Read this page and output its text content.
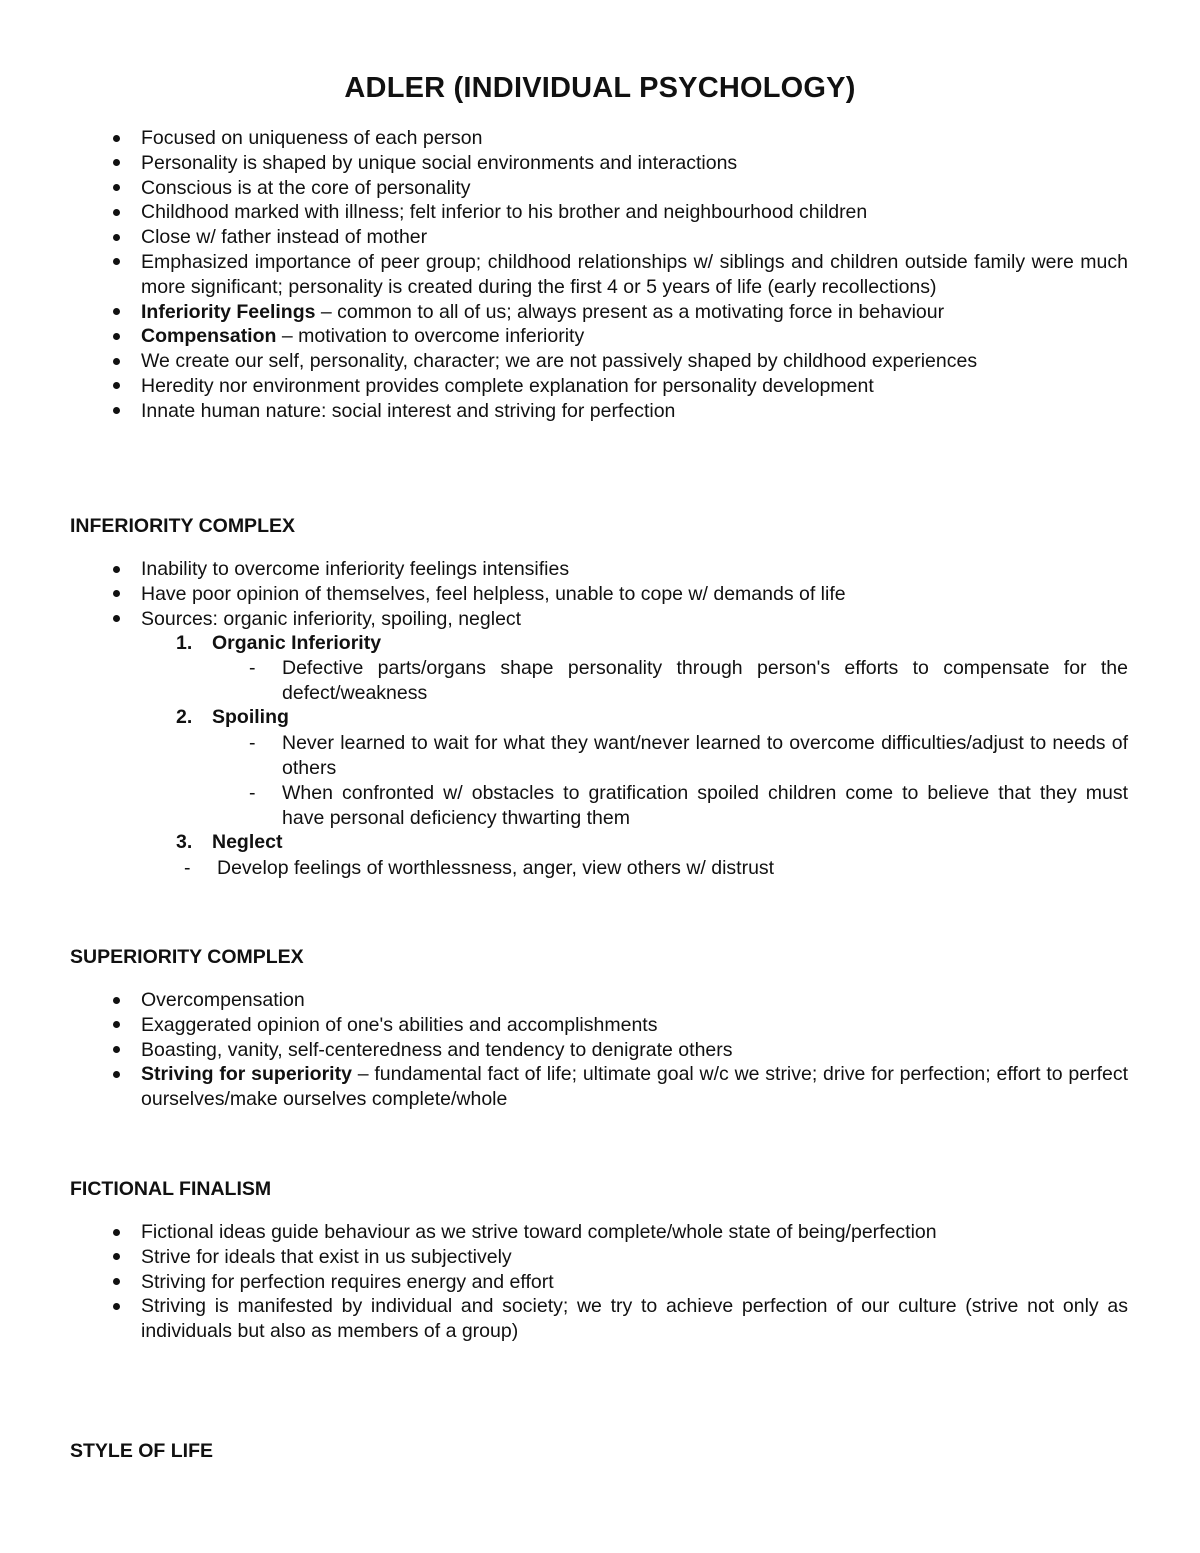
ADLER (INDIVIDUAL PSYCHOLOGY)
Focused on uniqueness of each person
Personality is shaped by unique social environments and interactions
Conscious is at the core of personality
Childhood marked with illness; felt inferior to his brother and neighbourhood children
Close w/ father instead of mother
Emphasized importance of peer group; childhood relationships w/ siblings and children outside family were much more significant; personality is created during the first 4 or 5 years of life (early recollections)
Inferiority Feelings – common to all of us; always present as a motivating force in behaviour
Compensation – motivation to overcome inferiority
We create our self, personality, character; we are not passively shaped by childhood experiences
Heredity nor environment provides complete explanation for personality development
Innate human nature: social interest and striving for perfection
INFERIORITY COMPLEX
Inability to overcome inferiority feelings intensifies
Have poor opinion of themselves, feel helpless, unable to cope w/ demands of life
Sources: organic inferiority, spoiling, neglect
1. Organic Inferiority
- Defective parts/organs shape personality through person's efforts to compensate for the defect/weakness
2. Spoiling
- Never learned to wait for what they want/never learned to overcome difficulties/adjust to needs of others
- When confronted w/ obstacles to gratification spoiled children come to believe that they must have personal deficiency thwarting them
3. Neglect
- Develop feelings of worthlessness, anger, view others w/ distrust
SUPERIORITY COMPLEX
Overcompensation
Exaggerated opinion of one's abilities and accomplishments
Boasting, vanity, self-centeredness and tendency to denigrate others
Striving for superiority – fundamental fact of life; ultimate goal w/c we strive; drive for perfection; effort to perfect ourselves/make ourselves complete/whole
FICTIONAL FINALISM
Fictional ideas guide behaviour as we strive toward complete/whole state of being/perfection
Strive for ideals that exist in us subjectively
Striving for perfection requires energy and effort
Striving is manifested by individual and society; we try to achieve perfection of our culture (strive not only as individuals but also as members of a group)
STYLE OF LIFE
